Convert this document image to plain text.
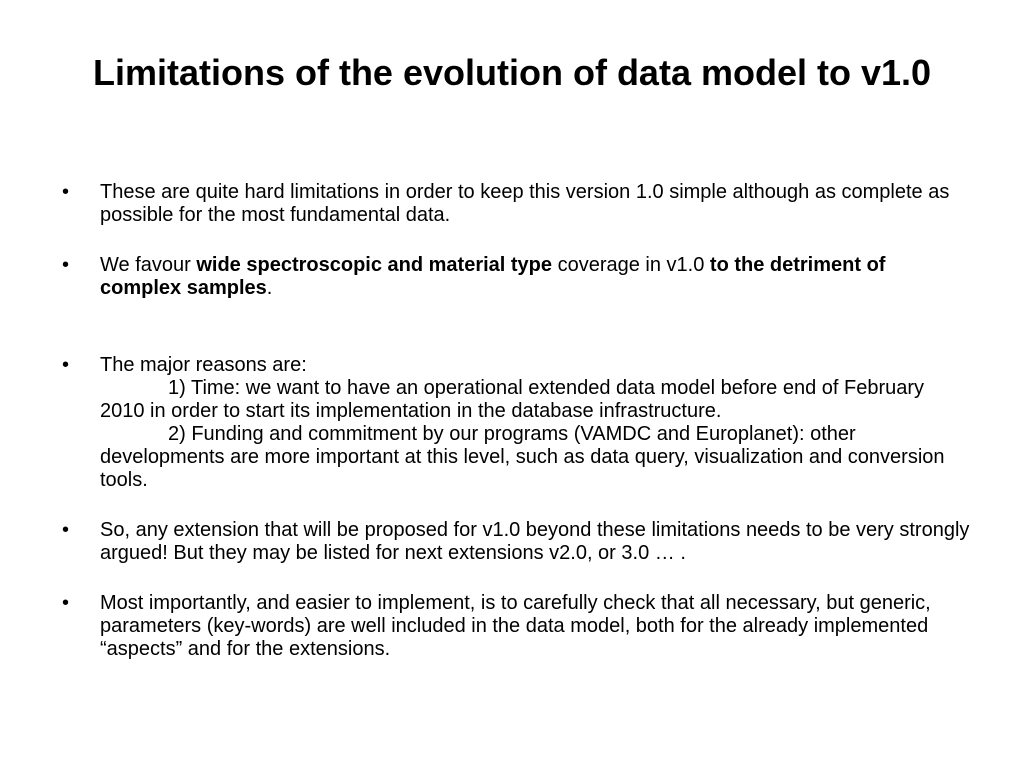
Limitations of the evolution of data model to v1.0
• These are quite hard limitations in order to keep this version 1.0 simple although as complete as possible for the most fundamental data.
• We favour wide spectroscopic and material type coverage in v1.0 to the detriment of complex samples.
• The major reasons are:
1) Time: we want to have an operational extended data model before end of February 2010 in order to start its implementation in the database infrastructure.
2) Funding and commitment by our programs (VAMDC and Europlanet): other developments are more important at this level, such as data query, visualization and conversion tools.
• So, any extension that will be proposed for v1.0 beyond these limitations needs to be very strongly argued! But they may be listed for next extensions v2.0, or 3.0 … .
• Most importantly, and easier to implement, is to carefully check that all necessary, but generic, parameters (key-words) are well included in the data model, both for the already implemented “aspects” and for the extensions.
